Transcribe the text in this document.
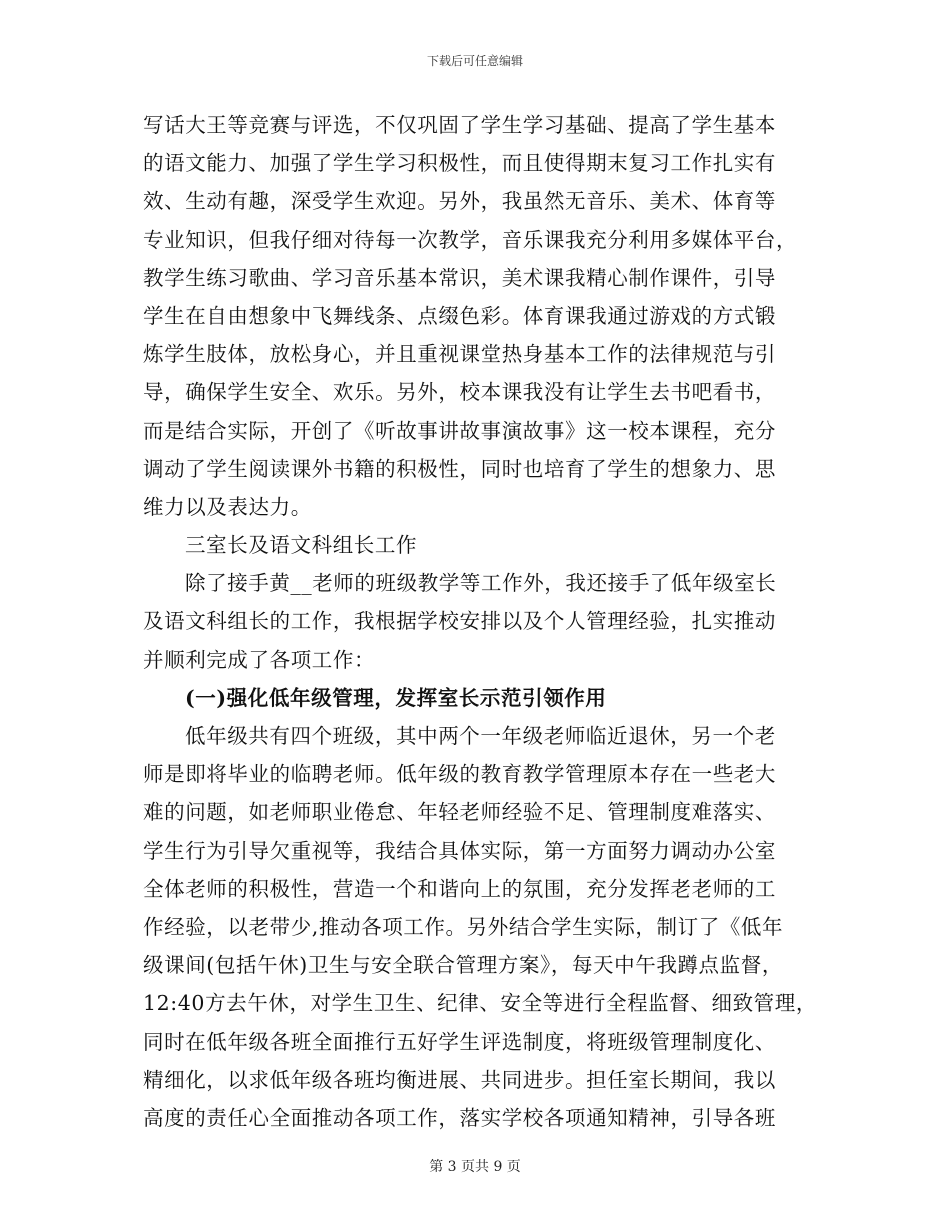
下载后可任意编辑
写话大王等竞赛与评选，不仅巩固了学生学习基础、提高了学生基本
的语文能力、加强了学生学习积极性，而且使得期末复习工作扎实有
效、生动有趣，深受学生欢迎。另外，我虽然无音乐、美术、体育等
专业知识，但我仔细对待每一次教学，音乐课我充分利用多媒体平台，
教学生练习歌曲、学习音乐基本常识，美术课我精心制作课件，引导
学生在自由想象中飞舞线条、点缀色彩。体育课我通过游戏的方式锻
炼学生肢体，放松身心，并且重视课堂热身基本工作的法律规范与引
导，确保学生安全、欢乐。另外，校本课我没有让学生去书吧看书，
而是结合实际，开创了《听故事讲故事演故事》这一校本课程，充分
调动了学生阅读课外书籍的积极性，同时也培育了学生的想象力、思
维力以及表达力。
三室长及语文科组长工作
除了接手黄__老师的班级教学等工作外，我还接手了低年级室长
及语文科组长的工作，我根据学校安排以及个人管理经验，扎实推动
并顺利完成了各项工作：
(一)强化低年级管理，发挥室长示范引领作用
低年级共有四个班级，其中两个一年级老师临近退休，另一个老
师是即将毕业的临聘老师。低年级的教育教学管理原本存在一些老大
难的问题，如老师职业倦怠、年轻老师经验不足、管理制度难落实、
学生行为引导欠重视等，我结合具体实际，第一方面努力调动办公室
全体老师的积极性，营造一个和谐向上的氛围，充分发挥老老师的工
作经验，以老带少,推动各项工作。另外结合学生实际，制订了《低年
级课间(包括午休)卫生与安全联合管理方案》，每天中午我蹲点监督，
12:40方去午休，对学生卫生、纪律、安全等进行全程监督、细致管理，
同时在低年级各班全面推行五好学生评选制度，将班级管理制度化、
精细化，以求低年级各班均衡进展、共同进步。担任室长期间，我以
高度的责任心全面推动各项工作，落实学校各项通知精神，引导各班
第 3 页共 9 页
